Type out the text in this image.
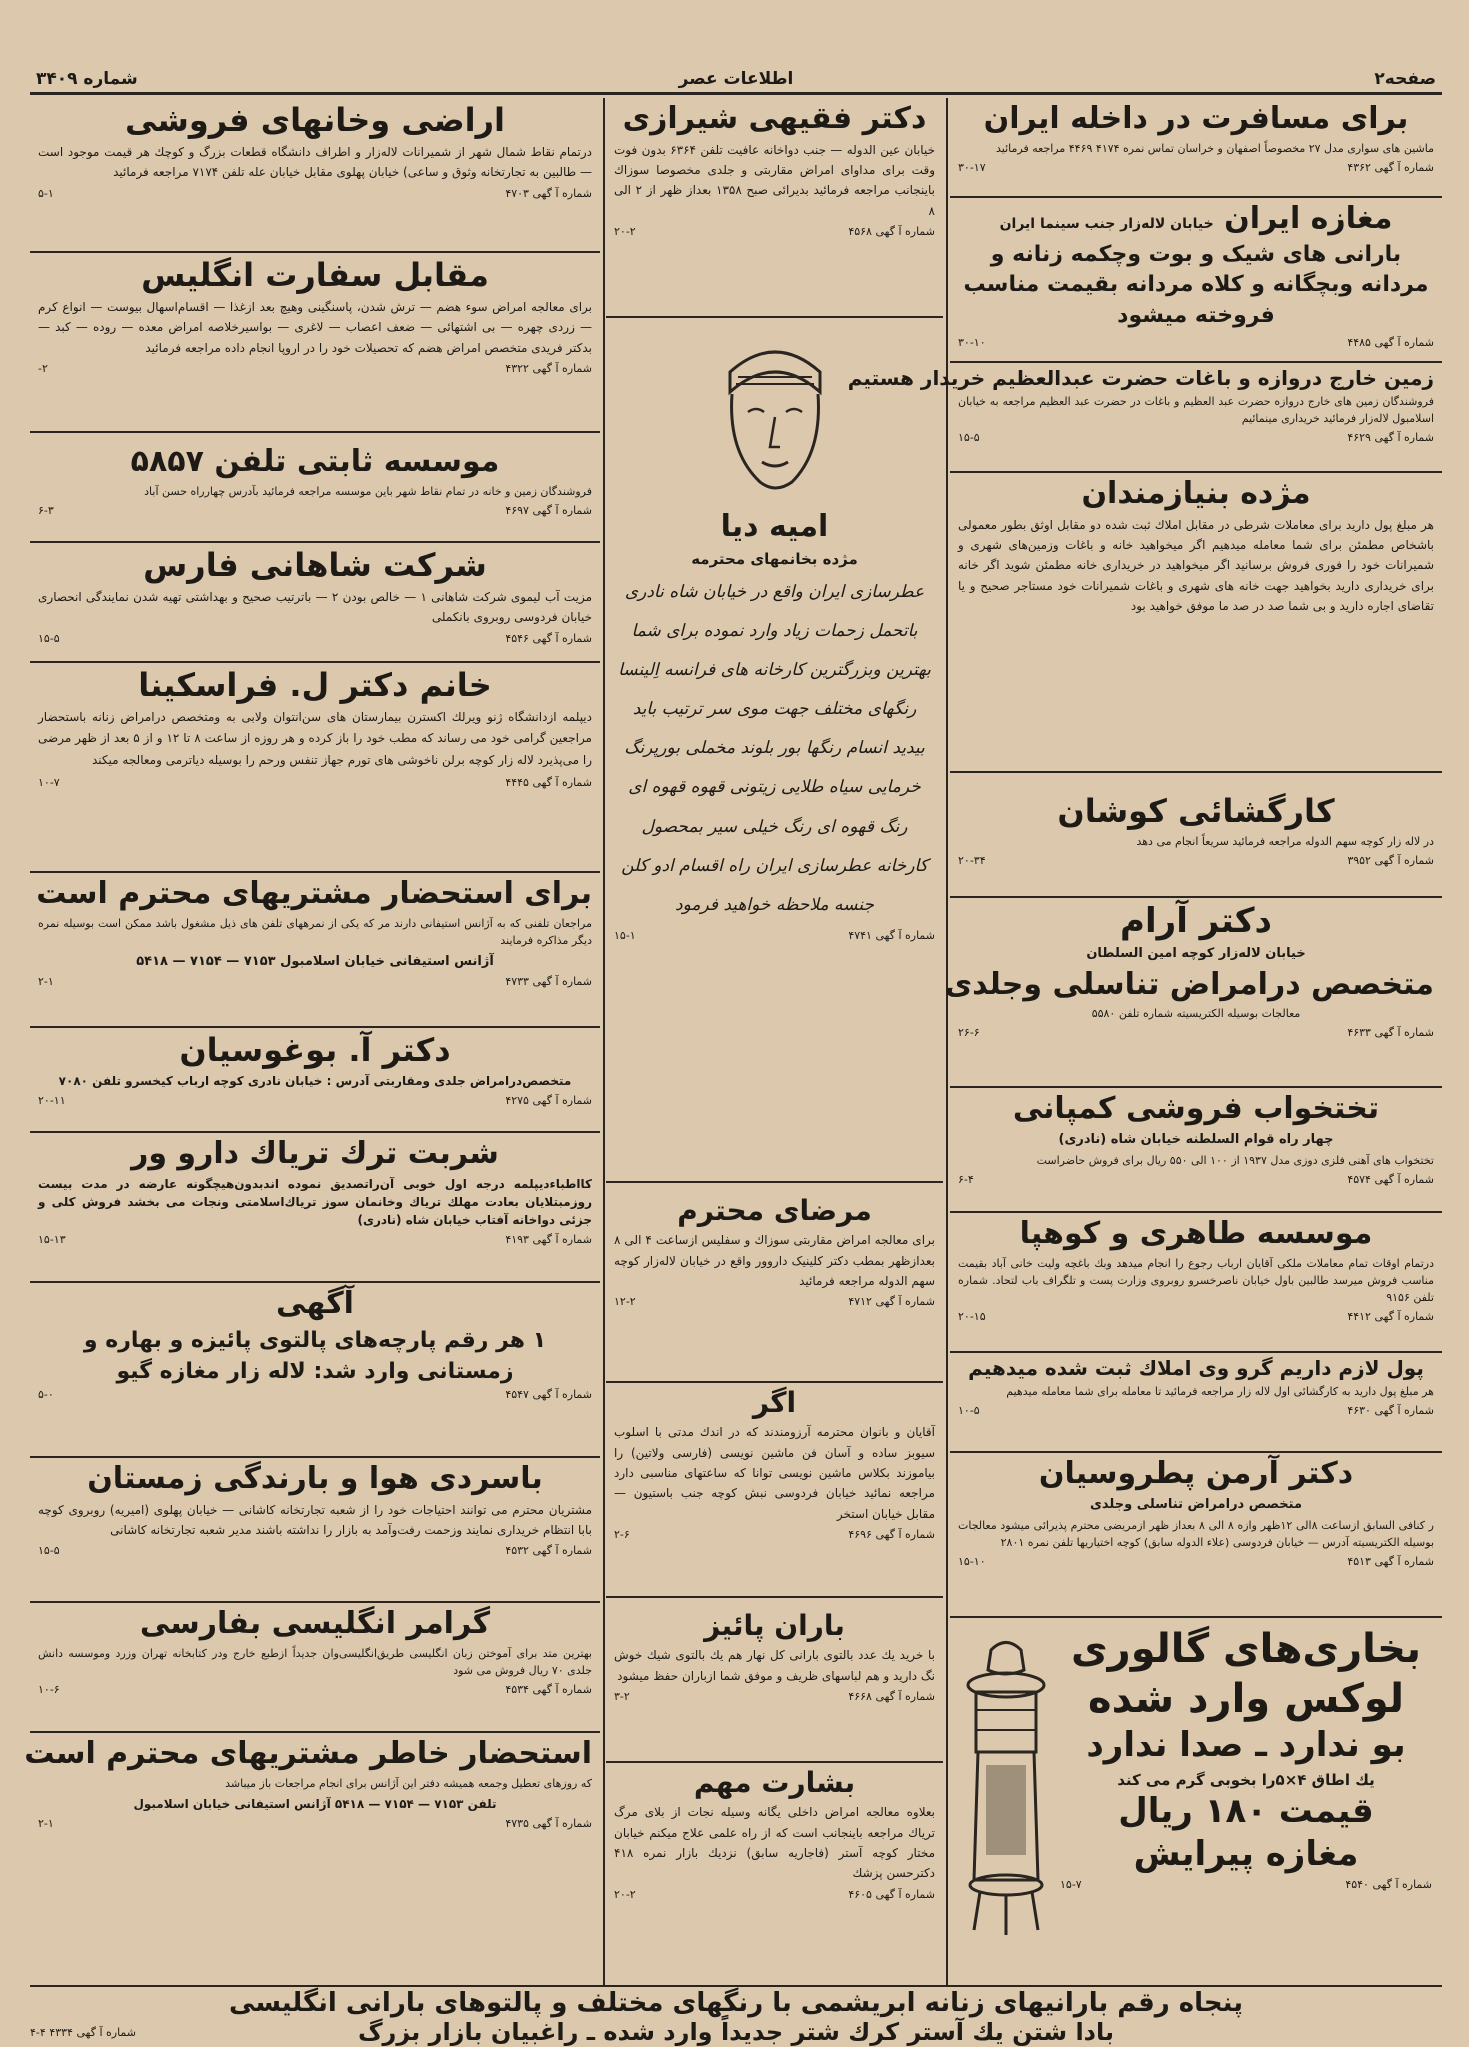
صفحه۲
اطلاعات عصر
شماره ۳۴۰۹
برای مسافرت در داخله ایران
ماشین های سواری مدل ۲۷ مخصوصاً اصفهان و خراسان تماس نمره ۴۱۷۴ ۴۴۶۹ مراجعه فرمائید
شماره آ گهی ۴۳۶۲
۳۰-۱۷
مغازه ایران خیابان لاله‌زار جنب سینما ایران
بارانی های شیک و بوت وچکمه زنانه و مردانه وبچگانه و کلاه مردانه بقیمت مناسب فروخته میشود
شماره آ گهی ۴۴۸۵
۳۰-۱۰
زمین خارج دروازه و باغات حضرت عبدالعظیم خریدار هستیم
فروشندگان زمین های خارج دروازه حضرت عبد العظیم و باغات در حضرت عبد العظیم مراجعه به خیابان اسلامبول لاله‌زار فرمائید خریداری مینمائیم
شماره آ گهی ۴۶۲۹
۱۵-۵
مژده بنیازمندان
هر مبلغ پول داريد برای معاملات شرطی در مقابل املاك ثبت شده دو مقابل اوثق بطور معمولی باشخاص مطمئن برای شما معامله میدهیم اگر میخواهید خانه و باغات وزمین‌های شهری و شمیرانات خود را فوری فروش برسانید اگر میخواهید در خریداری خانه مطمئن شوید اگر خانه برای خریداری دارید بخواهید جهت خانه های شهری و باغات شمیرانات خود مستاجر صحیح و یا تقاضای اجاره دارید و بی شما صد در صد ما موفق خواهید بود
کارگشائی کوشان
در لاله زار کوچه سهم الدوله مراجعه فرمائید سریعاً انجام می دهد
شماره آ گهی ۳۹۵۲
۲۰-۳۴
دکتر آرام
خیابان لاله‌زار کوچه امین السلطان
متخصص درامراض تناسلی وجلدی
معالجات بوسیله الکتریسیته شماره تلفن ۵۵۸۰
شماره آ گهی ۴۶۳۳
۲۶-۶
تختخواب فروشی کمپانی
چهار راه قوام السلطنه خیابان شاه (نادری)
تختخواب های آهنی فلزی دوزی مدل ۱۹۳۷ از ۱۰۰ الی ۵۵۰ ریال برای فروش حاضراست
شماره آ گهی ۴۵۷۴
۶-۴
موسسه طاهری و کوهپا
درتمام اوقات تمام معاملات ملکی آقایان ارباب رجوع را انجام میدهد وبك باغچه ولیت خانی آباد بقیمت مناسب فروش میرسد طالبین باول خیابان ناصرخسرو روبروی وزارت پست و تلگراف باب لتحاد. شماره تلفن ۹۱۵۶
شماره آ گهی ۴۴۱۲
۲۰-۱۵
پول لازم داریم گرو وی املاك ثبت شده میدهیم
هر مبلغ پول داريد به کارگشائی اول لاله زار مراجعه فرمائید تا معامله برای شما معامله میدهیم
شماره آ گهی ۴۶۳۰
۱۰-۵
دکتر آرمن پطروسیان
متخصص درامراض تناسلی وجلدی
ر کنافی السابق ازساعت ۸الی ۱۲ظهر وازه ۸ الی ۸ بعداز ظهر ازمریضی محترم پذیرائی میشود معالجات بوسیله الکتریسیته آدرس — خیابان فردوسی (علاء الدوله سابق) کوچه اختیاریها تلفن نمره ۲۸۰۱
شماره آ گهی ۴۵۱۳
۱۵-۱۰
بخاری‌های گالوری
لوکس وارد شده
بو ندارد ـ صدا ندارد
یك اطاق ۴×۵را بخوبی گرم می کند
قیمت ۱۸۰ ریال
مغازه پیرایش
شماره آ گهی ۴۵۴۰
۱۵-۷
دکتر فقیهی شیرازی
خیابان عین الدوله — جنب دواخانه عافیت تلفن ۶۳۶۴ بدون فوت وقت برای مداوای امراض مقاربتی و جلدی مخصوصا سوزاك باینجانب مراجعه فرمائید بدیرائی صبح ۱۳۵۸ بعداز ظهر از ۲ الی ۸
شماره آ گهی ۴۵۶۸
۲۰-۲
امیه دیا
مژده بخانمهای محترمه
عطرسازی ایران واقع در خیابان شاه نادری باتحمل زحمات زیاد وارد نموده برای شما بهترین وبزرگترین کارخانه های فرانسه اِلینسا رنگهای مختلف جهت موی سر ترتیب باید بیدید انسام رنگها بور بلوند مخملی بورپرنگ خرمایی سیاه طلایی زیتونی قهوه قهوه ای رنگ قهوه ای رنگ خیلی سیر بمحصول کارخانه عطرسازی ایران راه اقسام ادو کلن جنسه ملاحظه خواهید فرمود
شماره آ گهی ۴۷۴۱
۱۵-۱
مرضای محترم
برای معالجه امراض مقاربتی سوزاك و سفلیس ازساعت ۴ الی ۸ بعدازظهر بمطب دکتر کلینیک داروور واقع در خیابان لاله‌زار کوچه سهم الدوله مراجعه فرمائید
شماره آ گهی ۴۷۱۲
۱۲-۲
اگر
آقایان و بانوان محترمه آرزومندند که در اندك مدتی با اسلوب سیوبز ساده و آسان فن ماشین نویسی (فارسی ولاتین) را بیاموزند بکلاس ماشین نویسی توانا که ساعتهای مناسبی دارد مراجعه نمائید خیابان فردوسی نبش کوچه جنب باستیون — مقابل خیابان استخر
شماره آ گهی ۴۶۹۶
۲-۶
باران پائیز
با خرید یك عدد بالتوی بارانی کل نهار هم یك بالتوی شیك خوش نگ دارید و هم لباسهای ظریف و موفق شما ازباران حفظ میشود
شماره آ گهی ۴۶۶۸
۳-۲
بشارت مهم
بعلاوه معالجه امراض داخلی یگانه وسیله نجات از بلای مرگ ترياك مراجعه باینجانب است که از راه علمی علاج میکنم خیابان مختار کوچه آستر (فاجاریه سابق) نزدیك بازار نمره ۴۱۸ دکترحسن پزشك
شماره آ گهی ۴۶۰۵
۲۰-۲
اراضی وخانهای فروشی
درتمام نقاط شمال شهر از شمیرانات لاله‌زار و اطراف دانشگاه قطعات بزرگ و کوچك هر قیمت موجود است — طالبین به تجارتخانه وثوق و ساعی) خیابان پهلوی مقابل خیابان عله تلفن ۷۱۷۴ مراجعه فرمائید
شماره آ گهی ۴۷۰۳
۵-۱
مقابل سفارت انگلیس
برای معالجه امراض سوء هضم — ترش شدن، پاسنگینی وهیچ بعد ازغذا — اقسام‌اسهال بیوست — انواع کرم — زردی چهره — بی اشتهائی — ضعف اعصاب — لاغری — بواسیرخلاصه امراض معده — روده — کبد — بدکتر فریدی متخصص امراض هضم که تحصیلات خود را در اروپا انجام داده مراجعه فرمائید
شماره آ گهی ۴۳۲۲
۲-
موسسه ثابتی تلفن ۵۸۵۷
فروشندگان زمین و خانه در تمام نقاط شهر باین موسسه مراجعه فرمائید بآدرس چهارراه حسن آباد
شماره آ گهی ۴۶۹۷
۶-۳
شرکت شاهانی فارس
مزیت آب لیموی شرکت شاهانی ۱ — خالص بودن ۲ — باترتیب صحیح و بهداشتی تهیه شدن نمایندگی انحصاری خیابان فردوسی روبروی بانکملی
شماره آ گهی ۴۵۴۶
۱۵-۵
خانم دکتر ل. فراسکینا
دیپلمه ازدانشگاه ژنو ویرلك اکسترن بیمارستان های سن‌انتوان ولابی به ومتخصص درامراض زنانه باستحضار مراجعین گرامی خود می رساند که مطب خود را باز کرده و هر روزه از ساعت ۸ تا ۱۲ و از ۵ بعد از ظهر مرضی را می‌پذیرد لاله زار کوچه برلن ناخوشی های تورم جهاز تنفس ورحم را بوسیله دیاترمی ومعالجه میکند
شماره آ گهی ۴۴۴۵
۱۰-۷
برای استحضار مشتریهای محترم است
مراجعان تلفنی که به آژانس استیفانی دارند مر که یکی از نمرههای تلفن های ذیل مشغول باشد ممکن است بوسیله نمره دیگر مذاکره فرمایند
آژانس استیفانی خیابان اسلامبول ۷۱۵۳ — ۷۱۵۴ — ۵۴۱۸
شماره آ گهی ۴۷۳۳
۲-۱
دکتر آ. بوغوسیان
متخصص‌درامراض جلدی ومقاربتی آدرس : خیابان نادری کوچه ارباب کیخسرو تلفن ۷۰۸۰
شماره آ گهی ۴۲۷۵
۲۰-۱۱
شربت ترك ترياك دارو ور
کااطباءدیپلمه درجه اول خوبی آن‌راتصدیق نموده اندبدون‌هیچگونه عارضه در مدت بیست روزمبتلایان بعادت مهلك ترياك وخانمان سوز ترياك‌اسلامتی ونجات می بخشد فروش کلی و جزئی دواخانه آفتاب خیابان شاه (نادری)
شماره آ گهی ۴۱۹۳
۱۵-۱۳
آگهی
۱ هر رقم پارچه‌های پالتوی پائیزه و بهاره و
زمستانی وارد شد: لاله زار مغازه گیو
شماره آ گهی ۴۵۴۷
۵-۰
باسردی هوا و بارندگی زمستان
مشتریان محترم می توانند احتیاجات خود را از شعبه تجارتخانه کاشانی — خیابان پهلوی (امیریه) روبروی کوچه بابا انتظام خریداری نمایند وزحمت رفت‌وآمد به بازار را نداشته باشند مدیر شعبه تجارتخانه کاشانی
شماره آ گهی ۴۵۳۲
۱۵-۵
گرامر انگلیسی بفارسی
بهترین متد برای آموختن زبان انگلیسی طریق‌انگلیسی‌وان جدیداً ازطبع خارج ودر کتابخانه تهران وزرد وموسسه دانش جلدی ۷۰ ریال فروش می شود
شماره آ گهی ۴۵۳۴
۱۰-۶
استحضار خاطر مشتریهای محترم است
که روزهای تعطیل وجمعه همیشه دفتر این آژانس برای انجام مراجعات باز میباشد
تلفن ۷۱۵۳ — ۷۱۵۴ — ۵۴۱۸ آژانس استیفانی خیابان اسلامبول
شماره آ گهی ۴۷۳۵
۲-۱
پنجاه رقم بارانیهای زنانه ابریشمی با رنگهای مختلف و پالتوهای بارانی انگلیسی
بادا شتن یك آستر کرك شتر جدیداً وارد شده ـ راغبیان بازار بزرگ
شماره آ گهی ۴۳۳۴ ۴-۴
